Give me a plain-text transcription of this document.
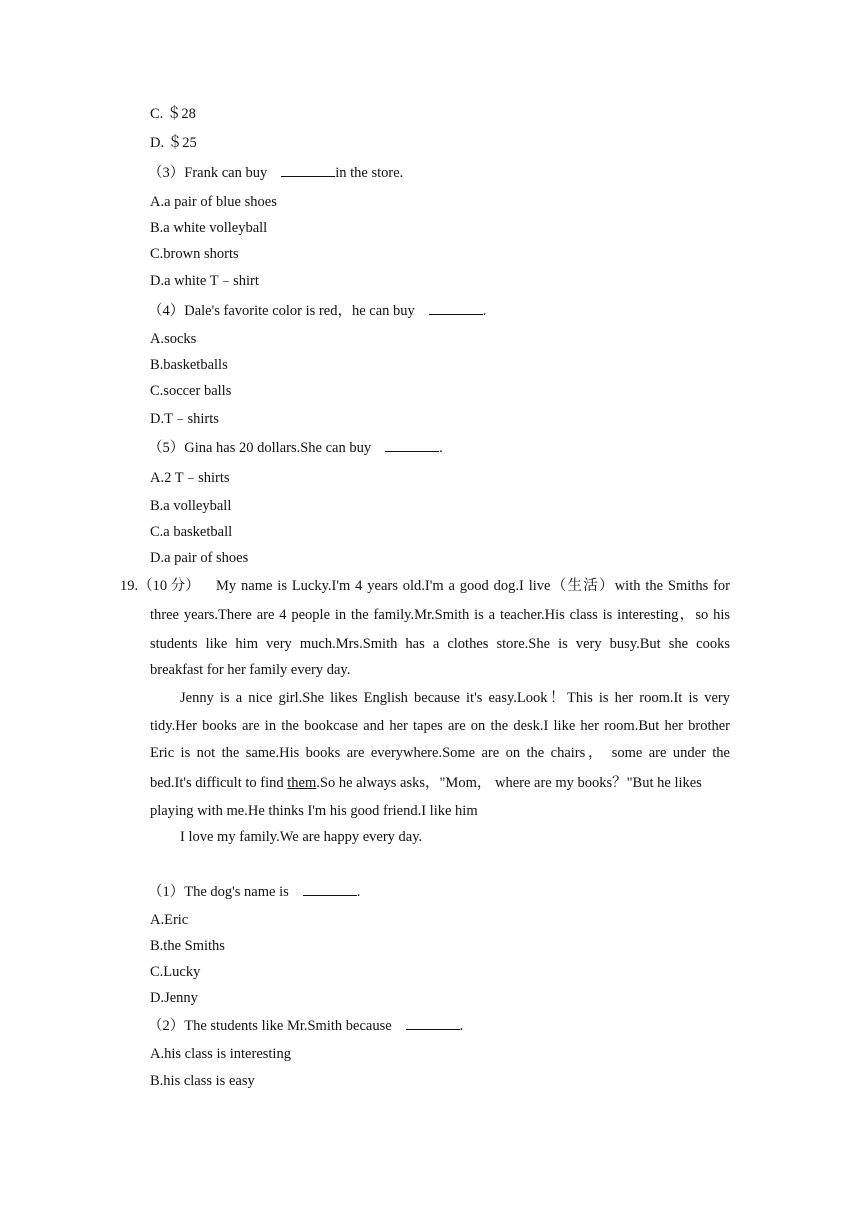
C. ＄28
D. ＄25
（3）Frank can buy	in the store.
A.a pair of blue shoes
B.a white volleyball
C.brown shorts
D.a white T﹣shirt
（4）Dale's favorite color is red，he can buy	.
A.socks
B.basketballs
C.soccer balls
D.T﹣shirts
（5）Gina has 20 dollars.She can buy	.
A.2 T﹣shirts
B.a volleyball
C.a basketball
D.a pair of shoes
19.（10 分） My name is Lucky.I'm 4 years old.I'm a good dog.I live（生活）with the Smiths for
three years.There are 4 people in the family.Mr.Smith is a teacher.His class is interesting，so his
students like him very much.Mrs.Smith has a clothes store.She is very busy.But she cooks
breakfast for her family every day.
Jenny is a nice girl.She likes English because it's easy.Look！This is her room.It is very
tidy.Her books are in the bookcase and her tapes are on the desk.I like her room.But her brother
Eric is not the same.His books are everywhere.Some are on the chairs， some are under the
bed.It's difficult to find them.So he always asks，"Mom， where are my books？"But he likes
playing with me.He thinks I'm his good friend.I like him
I love my family.We are happy every day.
（1）The dog's name is	.
A.Eric
B.the Smiths
C.Lucky
D.Jenny
（2）The students like Mr.Smith because	.
A.his class is interesting
B.his class is easy
